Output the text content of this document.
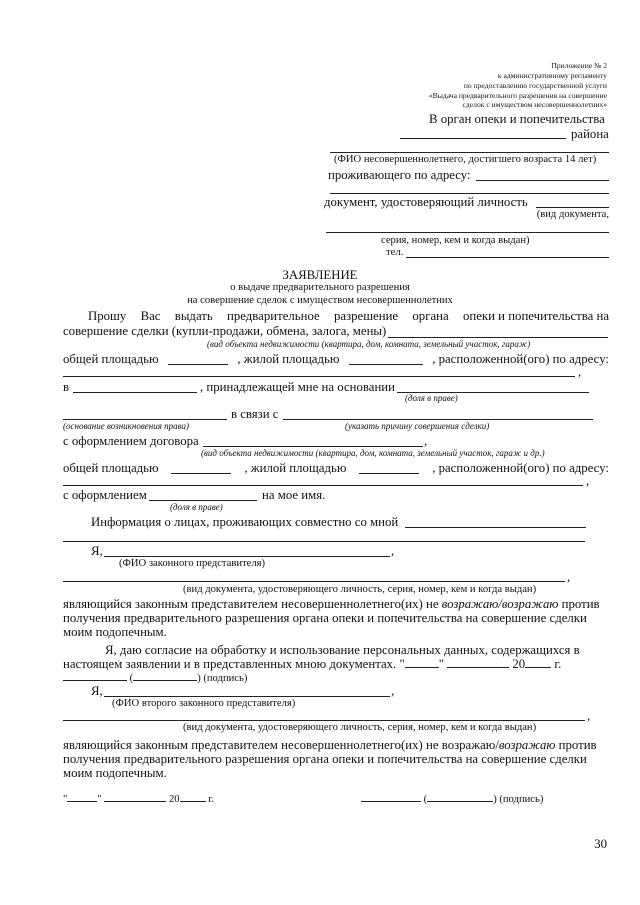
Приложение № 2
к административному регламенту
по предоставлению государственной услуги
«Выдача предварительного разрешения на совершение
сделок с имуществом несовершеннолетних»
В орган опеки и попечительства
района
(ФИО несовершеннолетнего, достигшего возраста 14 лет)
проживающего по адресу:
документ, удостоверяющий личность
(вид документа,
серия, номер, кем и когда выдан)
тел.
ЗАЯВЛЕНИЕ
о выдаче предварительного разрешения
на совершение сделок с имуществом несовершеннолетних
Прошу Вас выдать предварительное разрешение органа опеки и попечительства на
совершение сделки (купли-продажи, обмена, залога, мены)
(вид объекта недвижимости (квартира, дом, комната, земельный участок, гараж)
общей площадью	, жилой площадью	, расположенной(ого) по адресу:
,
в	, принадлежащей мне на основании
(доля в праве)
в связи с
(основание возникновения права)	(указать причину совершения сделки)
с оформлением договора	,
(вид объекта недвижимости (квартира, дом, комната, земельный участок, гараж и др.)
общей площадью	, жилой площадью	, расположенной(ого) по адресу:
,
с оформлением	на мое имя.
(доля в праве)
Информация о лицах, проживающих совместно со мной
Я,	,
(ФИО законного представителя)
,
(вид документа, удостоверяющего личность, серия, номер, кем и когда выдан)
являющийся законным представителем несовершеннолетнего(их) не возражаю/возражаю против
получения предварительного разрешения органа опеки и попечительства на совершение сделки
моим подопечным.
Я, даю согласие на обработку и использование персональных данных, содержащихся в
настоящем заявлении и в представленных мною документах. "	"	20 г.
(	) (подпись)
Я,	,
(ФИО второго законного представителя)
,
(вид документа, удостоверяющего личность, серия, номер, кем и когда выдан)
являющийся законным представителем несовершеннолетнего(их) не возражаю/возражаю против
получения предварительного разрешения органа опеки и попечительства на совершение сделки
моим подопечным.
"	"	20	г.	(	) (подпись)
30
